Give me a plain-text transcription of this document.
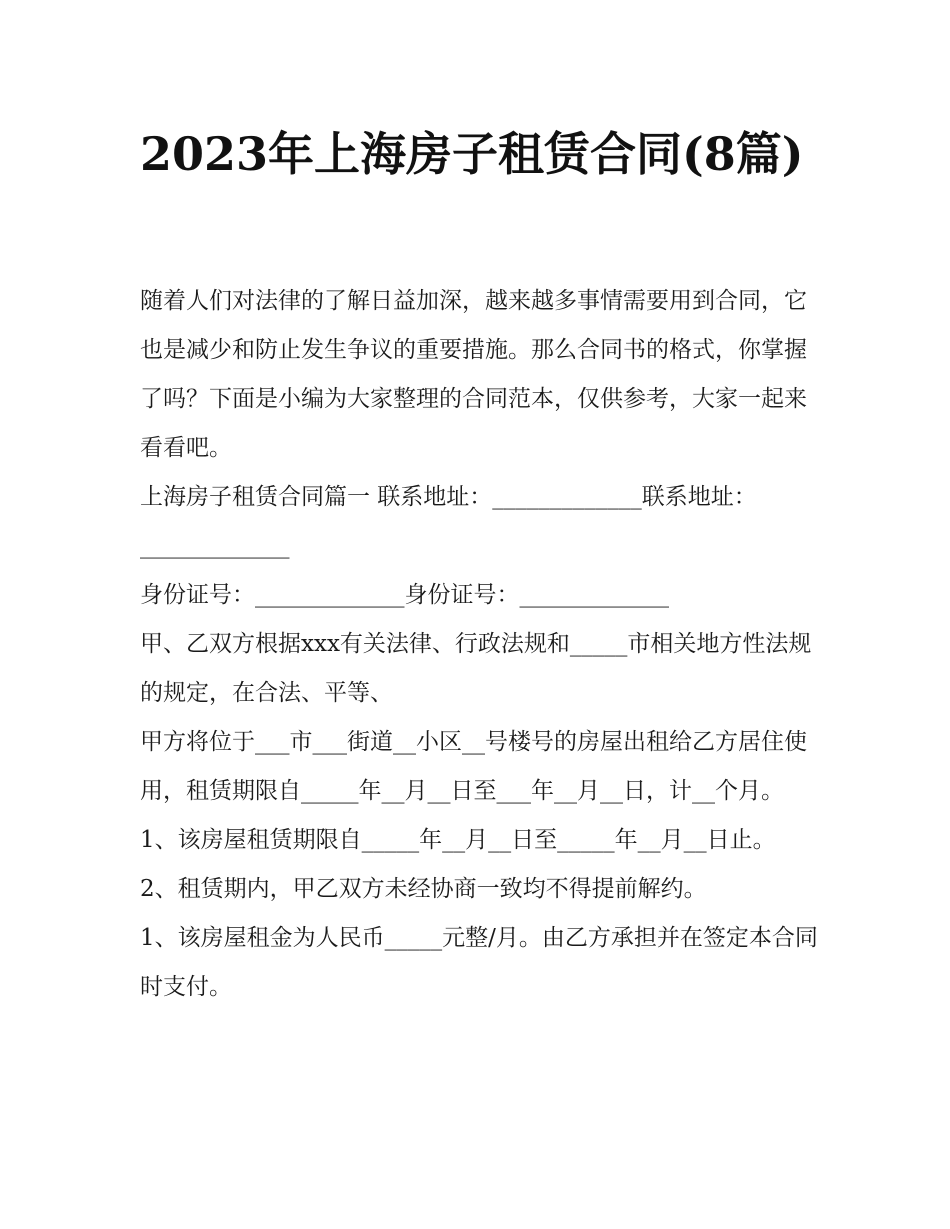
2023年上海房子租赁合同(8篇)

随着人们对法律的了解日益加深，越来越多事情需要用到合同，它也是减少和防止发生争议的重要措施。那么合同书的格式，你掌握了吗？下面是小编为大家整理的合同范本，仅供参考，大家一起来看看吧。

上海房子租赁合同篇一 联系地址：_____________联系地址：_____________

身份证号：_____________身份证号：_____________

甲、乙双方根据xxx有关法律、行政法规和_____市相关地方性法规的规定，在合法、平等、

甲方将位于___市___街道__小区__号楼号的房屋出租给乙方居住使用，租赁期限自_____年__月__日至___年__月__日，计__个月。

1、该房屋租赁期限自_____年__月__日至_____年__月__日止。 2、租赁期内，甲乙双方未经协商一致均不得提前解约。

1、该房屋租金为人民币_____元整/月。由乙方承担并在签定本合同时支付。
